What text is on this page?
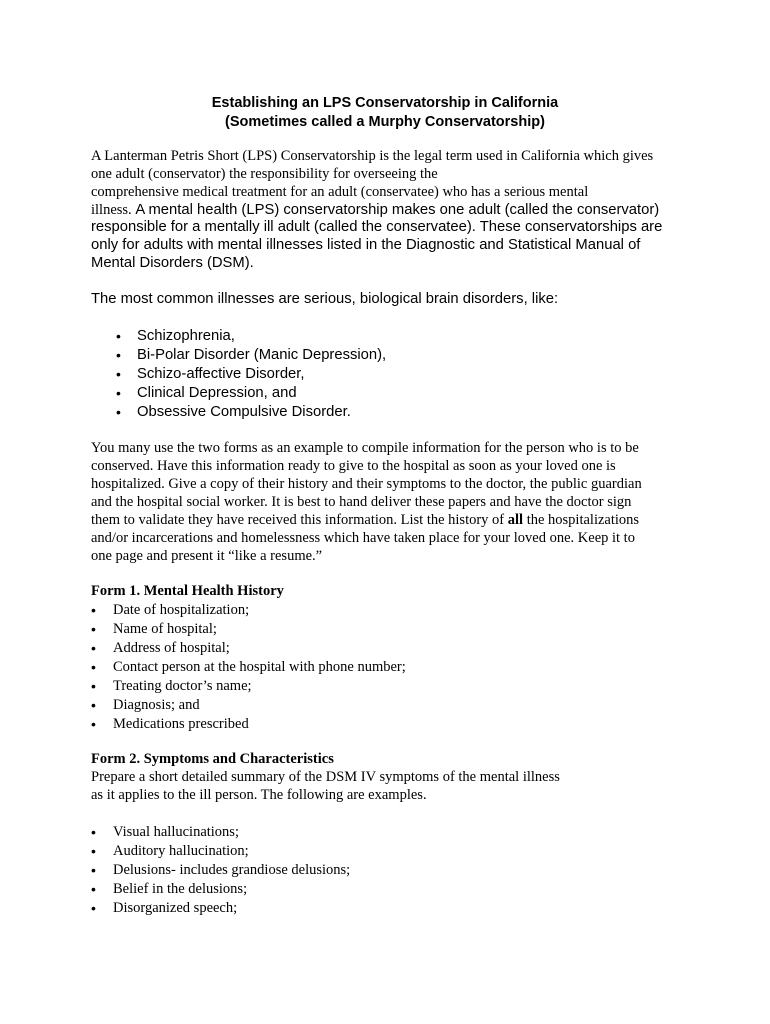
Establishing an LPS Conservatorship in California
(Sometimes called a Murphy Conservatorship)
A Lanterman Petris Short (LPS) Conservatorship is the legal term used in California which gives
one adult (conservator) the responsibility for overseeing the
comprehensive medical treatment for an adult (conservatee) who has a serious mental
illness. A mental health (LPS) conservatorship makes one adult (called the conservator)
responsible for a mentally ill adult (called the conservatee). These conservatorships are
only for adults with mental illnesses listed in the Diagnostic and Statistical Manual of
Mental Disorders (DSM).
The most common illnesses are serious, biological brain disorders, like:
• Schizophrenia,
• Bi-Polar Disorder (Manic Depression),
• Schizo-affective Disorder,
• Clinical Depression, and
• Obsessive Compulsive Disorder.
You many use the two forms as an example to compile information for the person who is to be
conserved. Have this information ready to give to the hospital as soon as your loved one is
hospitalized. Give a copy of their history and their symptoms to the doctor, the public guardian
and the hospital social worker. It is best to hand deliver these papers and have the doctor sign
them to validate they have received this information. List the history of all the hospitalizations
and/or incarcerations and homelessness which have taken place for your loved one. Keep it to
one page and present it “like a resume.”
Form 1. Mental Health History
• Date of hospitalization;
• Name of hospital;
• Address of hospital;
• Contact person at the hospital with phone number;
• Treating doctor’s name;
• Diagnosis; and
• Medications prescribed
Form 2. Symptoms and Characteristics
Prepare a short detailed summary of the DSM IV symptoms of the mental illness
as it applies to the ill person. The following are examples.
• Visual hallucinations;
• Auditory hallucination;
• Delusions- includes grandiose delusions;
• Belief in the delusions;
• Disorganized speech;
